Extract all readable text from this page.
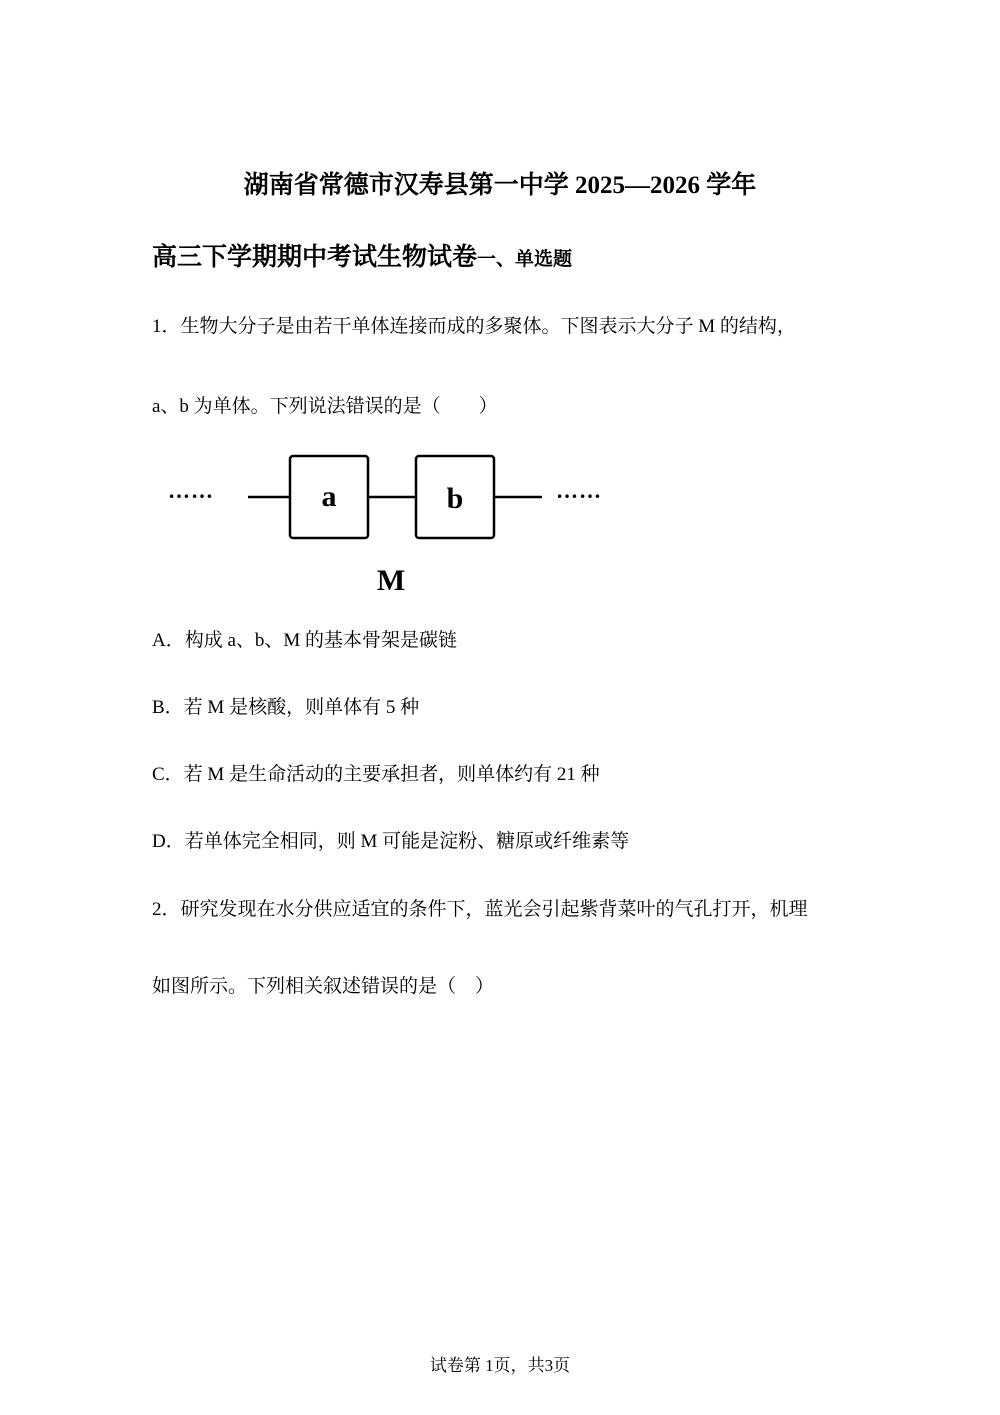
湖南省常德市汉寿县第一中学 2025—2026 学年
高三下学期期中考试生物试卷一、单选题
1．生物大分子是由若干单体连接而成的多聚体。下图表示大分子 M 的结构，
a、b 为单体。下列说法错误的是（　　）
……	a	b	……
M
A．构成 a、b、M 的基本骨架是碳链
B．若 M 是核酸，则单体有 5 种
C．若 M 是生命活动的主要承担者，则单体约有 21 种
D．若单体完全相同，则 M 可能是淀粉、糖原或纤维素等
2．研究发现在水分供应适宜的条件下，蓝光会引起紫背菜叶的气孔打开，机理
如图所示。下列相关叙述错误的是（　）
试卷第 1页，共3页
